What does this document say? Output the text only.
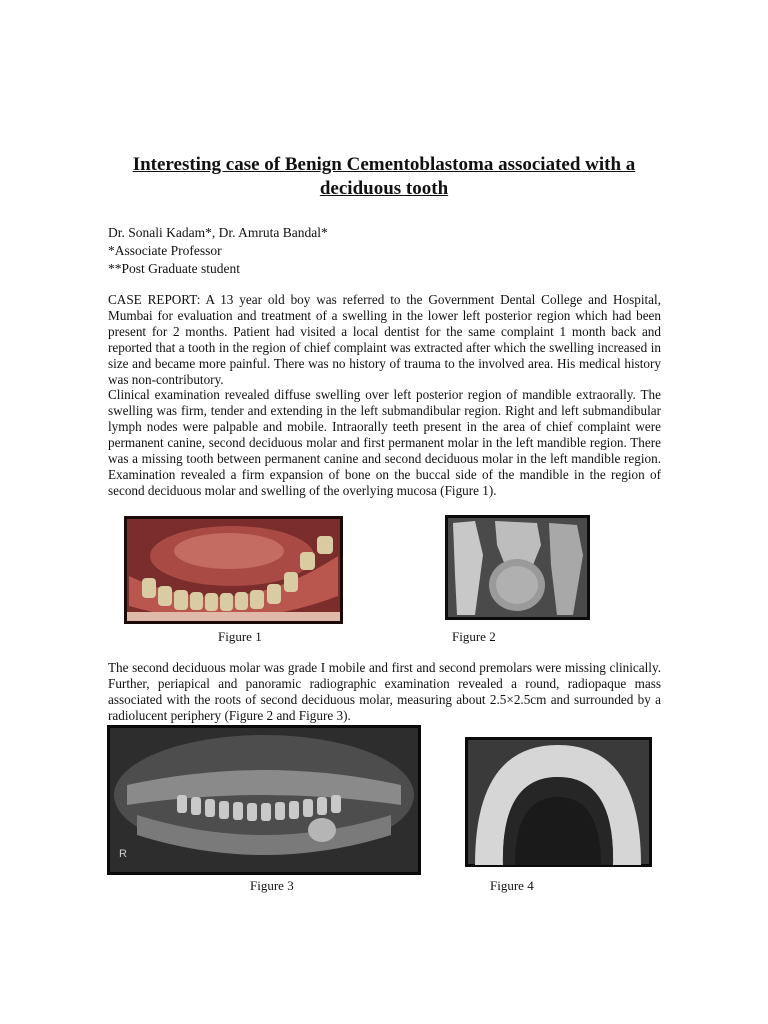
Interesting case of Benign Cementoblastoma associated with a deciduous tooth
Dr. Sonali Kadam*, Dr. Amruta Bandal*
*Associate Professor
**Post Graduate student
CASE REPORT: A 13 year old boy was referred to the Government Dental College and Hospital, Mumbai for evaluation and treatment of a swelling in the lower left posterior region which had been present for 2 months. Patient had visited a local dentist for the same complaint 1 month back and reported that a tooth in the region of chief complaint was extracted after which the swelling increased in size and became more painful. There was no history of trauma to the involved area. His medical history was non-contributory.
Clinical examination revealed diffuse swelling over left posterior region of mandible extraorally. The swelling was firm, tender and extending in the left submandibular region. Right and left submandibular lymph nodes were palpable and mobile. Intraorally teeth present in the area of chief complaint were permanent canine, second deciduous molar and first permanent molar in the left mandible region. There was a missing tooth between permanent canine and second deciduous molar in the left mandible region. Examination revealed a firm expansion of bone on the buccal side of the mandible in the region of second deciduous molar and swelling of the overlying mucosa (Figure 1).
Figure 1	Figure 2
The second deciduous molar was grade I mobile and first and second premolars were missing clinically. Further, periapical and panoramic radiographic examination revealed a round, radiopaque mass associated with the roots of second deciduous molar, measuring about 2.5×2.5cm and surrounded by a radiolucent periphery (Figure 2 and Figure 3).
R
Figure 3	Figure 4
